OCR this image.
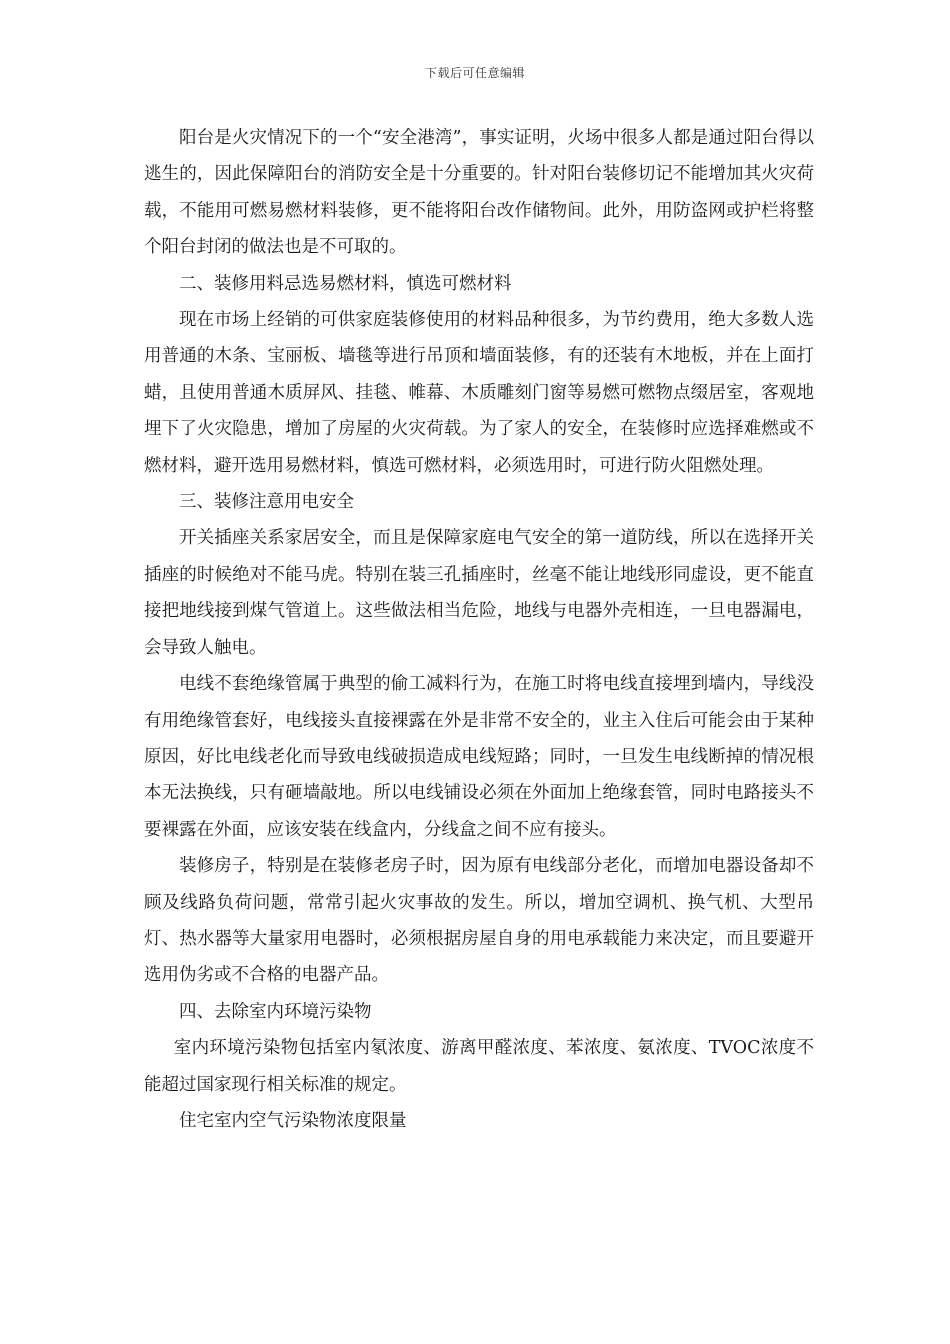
下载后可任意编辑

阳台是火灾情况下的一个“安全港湾”，事实证明，火场中很多人都是通过阳台得以逃生的，因此保障阳台的消防安全是十分重要的。针对阳台装修切记不能增加其火灾荷载，不能用可燃易燃材料装修，更不能将阳台改作储物间。此外，用防盗网或护栏将整个阳台封闭的做法也是不可取的。

二、装修用料忌选易燃材料，慎选可燃材料

现在市场上经销的可供家庭装修使用的材料品种很多，为节约费用，绝大多数人选用普通的木条、宝丽板、墙毯等进行吊顶和墙面装修，有的还装有木地板，并在上面打蜡，且使用普通木质屏风、挂毯、帷幕、木质雕刻门窗等易燃可燃物点缀居室，客观地埋下了火灾隐患，增加了房屋的火灾荷载。为了家人的安全，在装修时应选择难燃或不燃材料，避开选用易燃材料，慎选可燃材料，必须选用时，可进行防火阻燃处理。

三、装修注意用电安全

开关插座关系家居安全，而且是保障家庭电气安全的第一道防线，所以在选择开关插座的时候绝对不能马虎。特别在装三孔插座时，丝毫不能让地线形同虚设，更不能直接把地线接到煤气管道上。这些做法相当危险，地线与电器外壳相连，一旦电器漏电，会导致人触电。

电线不套绝缘管属于典型的偷工减料行为，在施工时将电线直接埋到墙内，导线没有用绝缘管套好，电线接头直接裸露在外是非常不安全的，业主入住后可能会由于某种原因，好比电线老化而导致电线破损造成电线短路；同时，一旦发生电线断掉的情况根本无法换线，只有砸墙敲地。所以电线铺设必须在外面加上绝缘套管，同时电路接头不要裸露在外面，应该安装在线盒内，分线盒之间不应有接头。

装修房子，特别是在装修老房子时，因为原有电线部分老化，而增加电器设备却不顾及线路负荷问题，常常引起火灾事故的发生。所以，增加空调机、换气机、大型吊灯、热水器等大量家用电器时，必须根据房屋自身的用电承载能力来决定，而且要避开选用伪劣或不合格的电器产品。

四、去除室内环境污染物

室内环境污染物包括室内氡浓度、游离甲醛浓度、苯浓度、氨浓度、TVOC浓度不能超过国家现行相关标准的规定。

住宅室内空气污染物浓度限量
